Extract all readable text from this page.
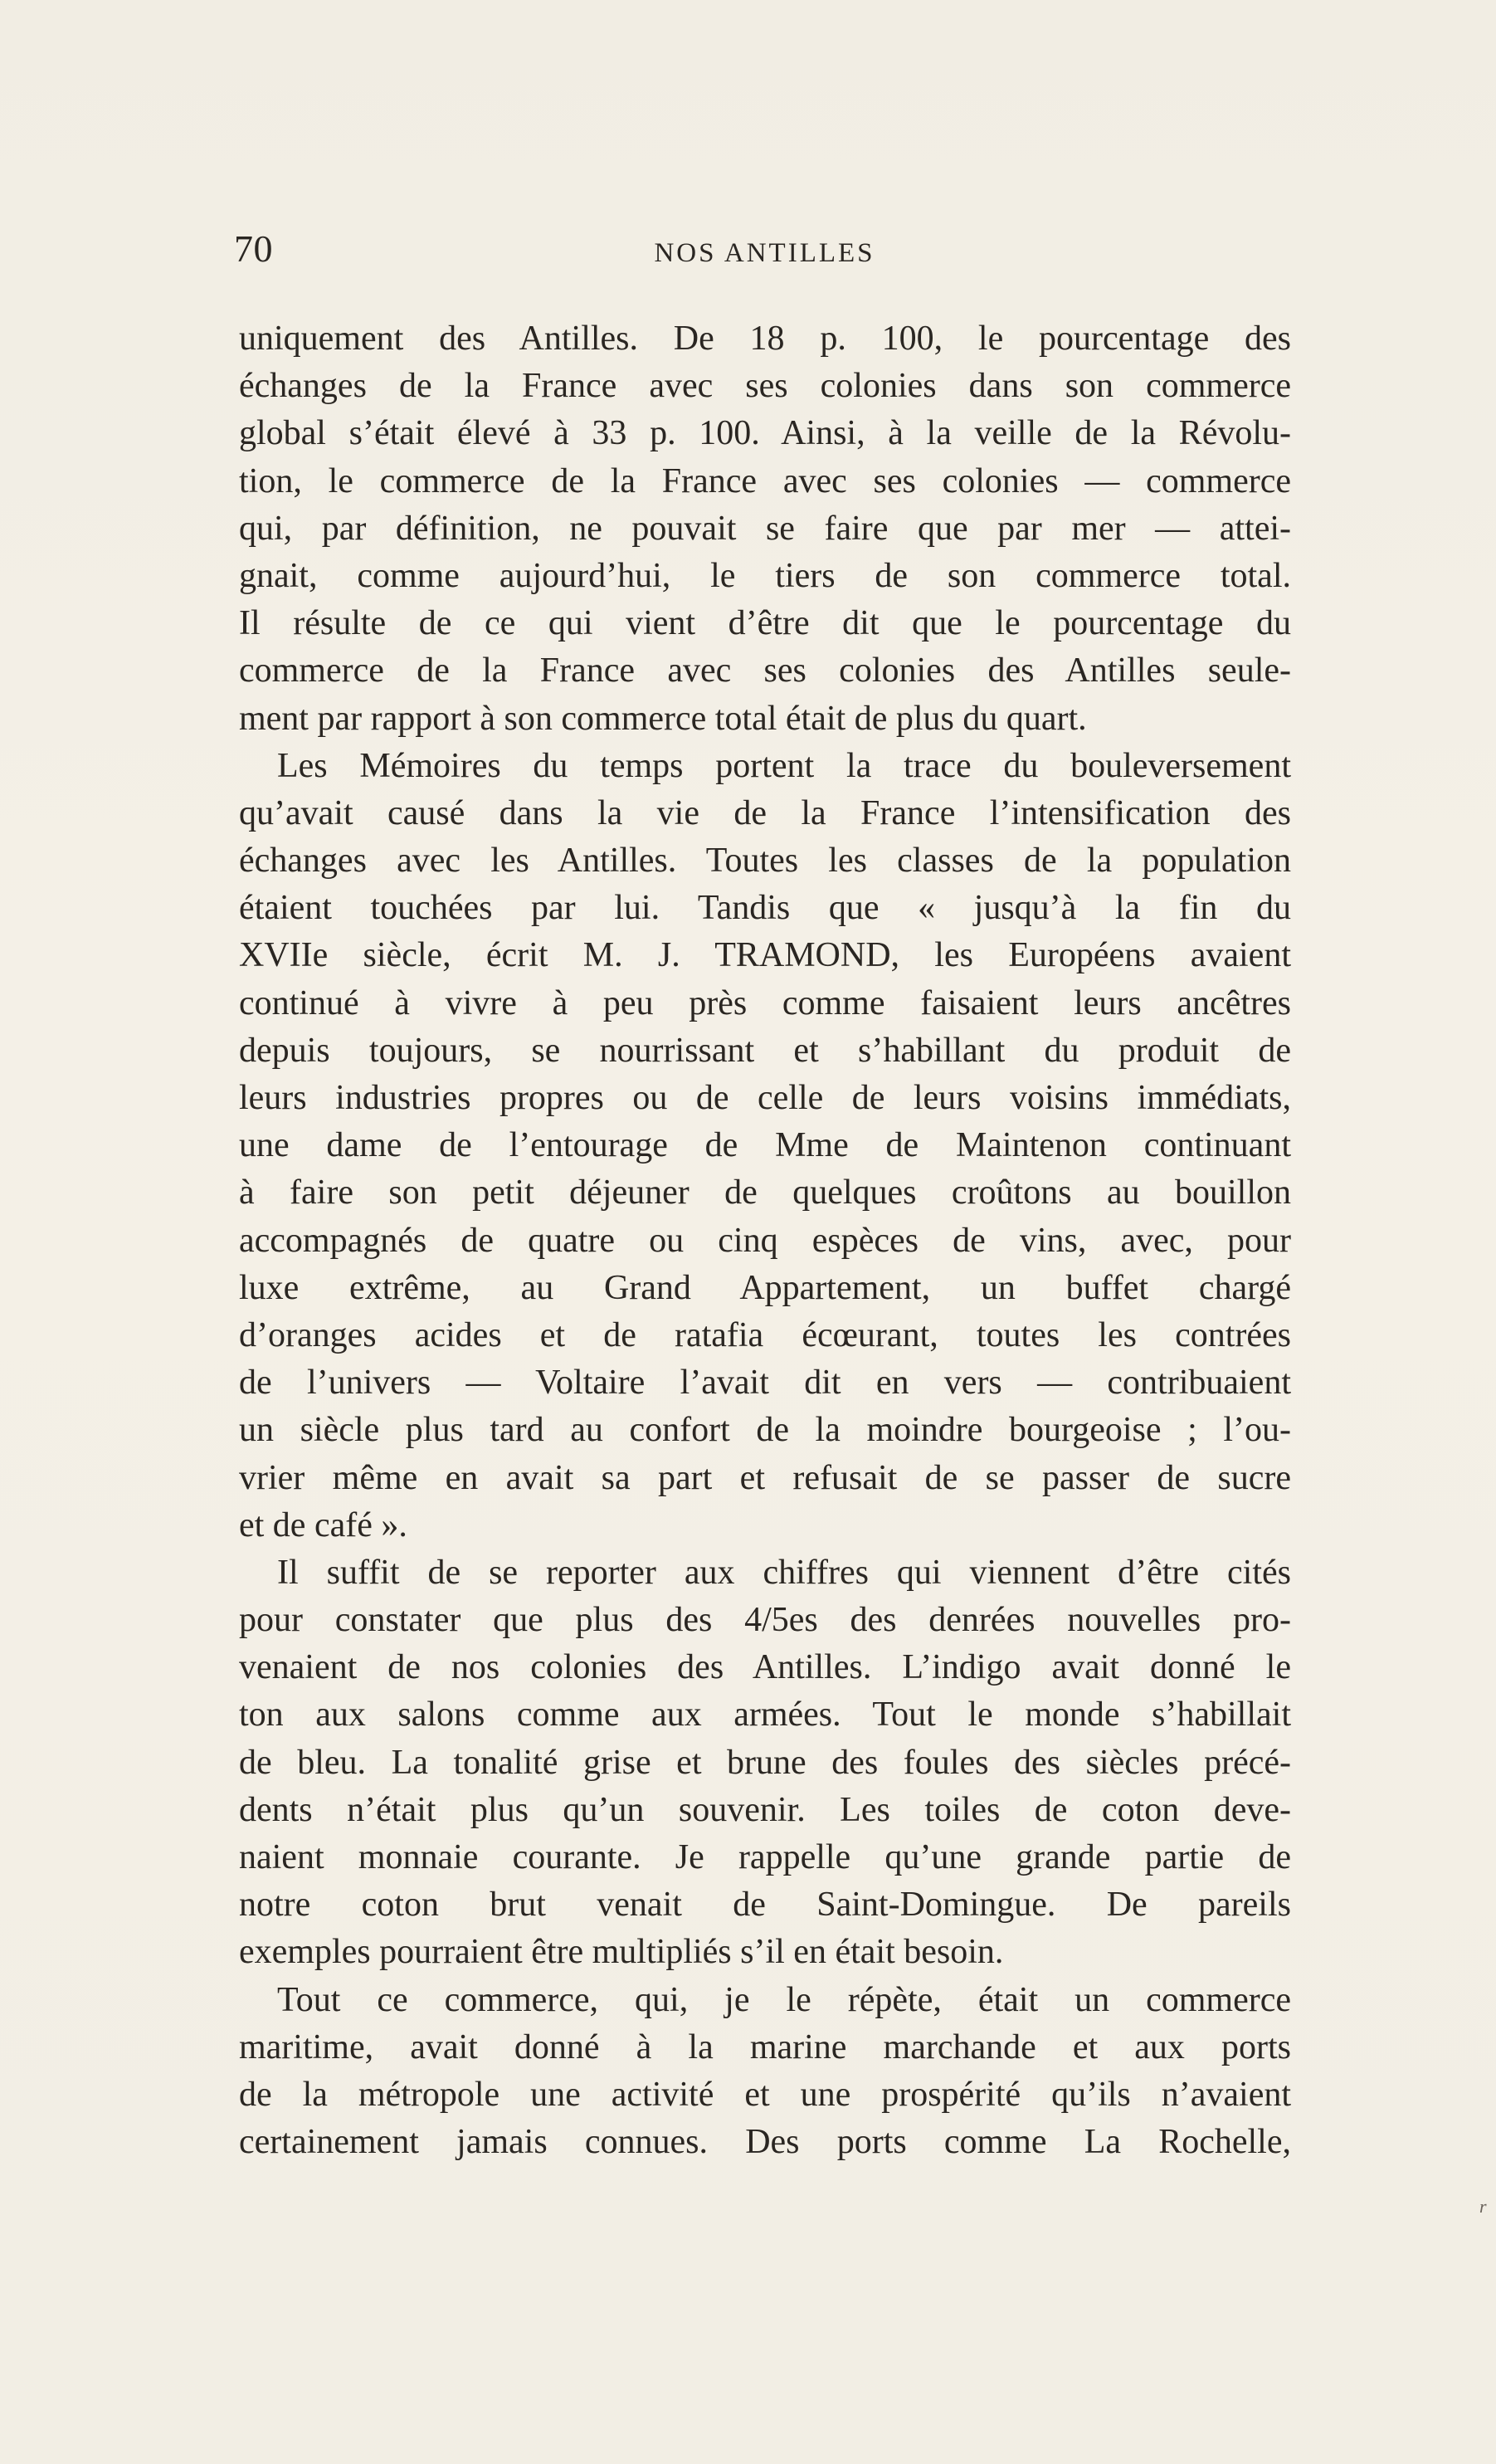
70	NOS ANTILLES
uniquement des Antilles. De 18 p. 100, le pourcentage des
échanges de la France avec ses colonies dans son commerce
global s’était élevé à 33 p. 100. Ainsi, à la veille de la Révolu-
tion, le commerce de la France avec ses colonies — commerce
qui, par définition, ne pouvait se faire que par mer — attei-
gnait, comme aujourd’hui, le tiers de son commerce total.
Il résulte de ce qui vient d’être dit que le pourcentage du
commerce de la France avec ses colonies des Antilles seule-
ment par rapport à son commerce total était de plus du quart.
Les Mémoires du temps portent la trace du bouleversement
qu’avait causé dans la vie de la France l’intensification des
échanges avec les Antilles. Toutes les classes de la population
étaient touchées par lui. Tandis que « jusqu’à la fin du
XVIIe siècle, écrit M. J. TRAMOND, les Européens avaient
continué à vivre à peu près comme faisaient leurs ancêtres
depuis toujours, se nourrissant et s’habillant du produit de
leurs industries propres ou de celle de leurs voisins immédiats,
une dame de l’entourage de Mme de Maintenon continuant
à faire son petit déjeuner de quelques croûtons au bouillon
accompagnés de quatre ou cinq espèces de vins, avec, pour
luxe extrême, au Grand Appartement, un buffet chargé
d’oranges acides et de ratafia écœurant, toutes les contrées
de l’univers — Voltaire l’avait dit en vers — contribuaient
un siècle plus tard au confort de la moindre bourgeoise ; l’ou-
vrier même en avait sa part et refusait de se passer de sucre
et de café ».
Il suffit de se reporter aux chiffres qui viennent d’être cités
pour constater que plus des 4/5es des denrées nouvelles pro-
venaient de nos colonies des Antilles. L’indigo avait donné le
ton aux salons comme aux armées. Tout le monde s’habillait
de bleu. La tonalité grise et brune des foules des siècles précé-
dents n’était plus qu’un souvenir. Les toiles de coton deve-
naient monnaie courante. Je rappelle qu’une grande partie de
notre coton brut venait de Saint-Domingue. De pareils
exemples pourraient être multipliés s’il en était besoin.
Tout ce commerce, qui, je le répète, était un commerce
maritime, avait donné à la marine marchande et aux ports
de la métropole une activité et une prospérité qu’ils n’avaient
certainement jamais connues. Des ports comme La Rochelle,
r
